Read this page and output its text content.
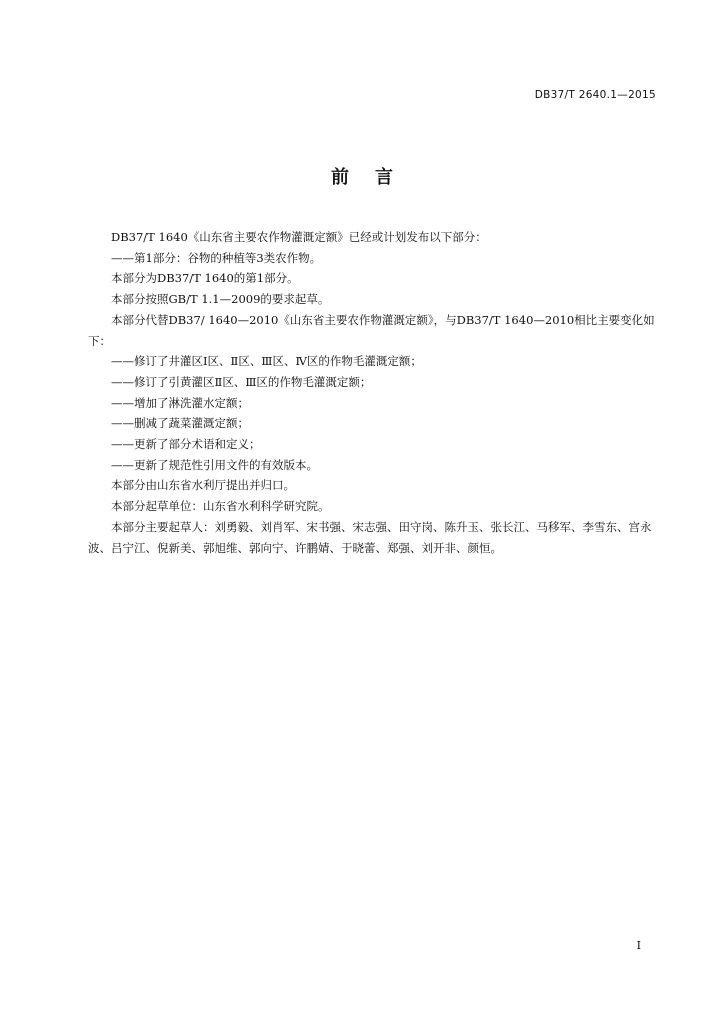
DB37/T 2640.1—2015
前言

DB37/T 1640《山东省主要农作物灌溉定额》已经或计划发布以下部分：

——第1部分：谷物的种植等3类农作物。

本部分为DB37/T 1640的第1部分。

本部分按照GB/T 1.1—2009的要求起草。

本部分代替DB37/ 1640—2010《山东省主要农作物灌溉定额》，与DB37/T 1640—2010相比主要变化如下：

——修订了井灌区Ⅰ区、Ⅱ区、Ⅲ区、Ⅳ区的作物毛灌溉定额；

——修订了引黄灌区Ⅱ区、Ⅲ区的作物毛灌溉定额；

——增加了淋洗灌水定额；

——删减了蔬菜灌溉定额；

——更新了部分术语和定义；

——更新了规范性引用文件的有效版本。

本部分由山东省水利厅提出并归口。

本部分起草单位：山东省水利科学研究院。

本部分主要起草人：刘勇毅、刘肖军、宋书强、宋志强、田守岗、陈升玉、张长江、马移军、李雪东、宫永波、吕宁江、倪新美、郭旭维、郭向宁、许鹏婧、于晓蕾、郑强、刘开非、颜恒。

I
